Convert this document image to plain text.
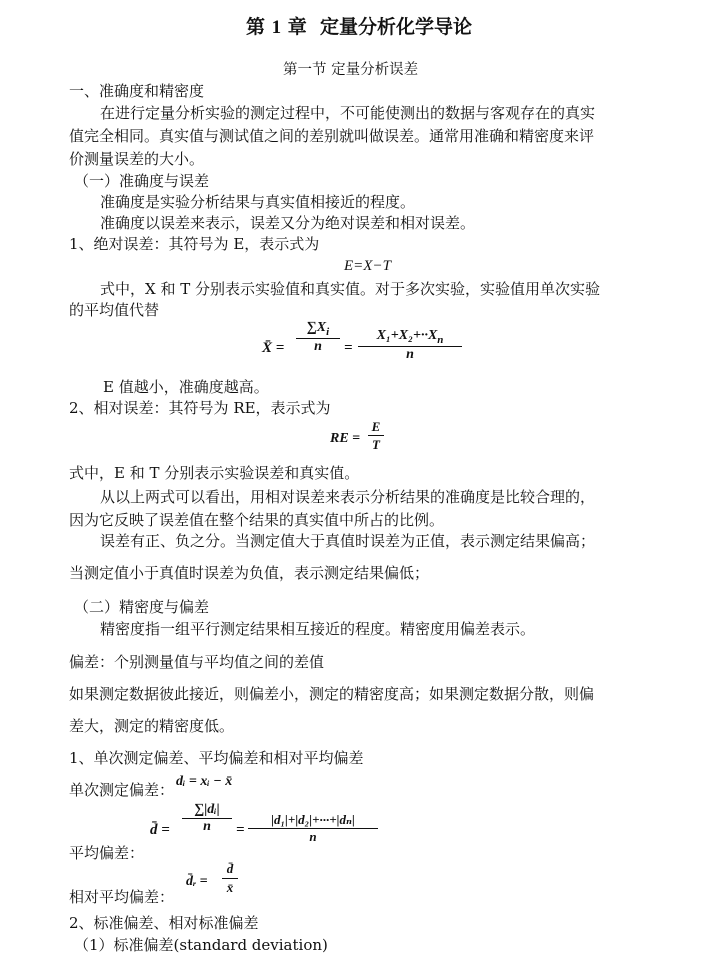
第 1 章 定量分析化学导论
第一节 定量分析误差
一、准确度和精密度
在进行定量分析实验的测定过程中，不可能使测出的数据与客观存在的真实
值完全相同。真实值与测试值之间的差别就叫做误差。通常用准确和精密度来评
价测量误差的大小。
（一）准确度与误差
准确度是实验分析结果与真实值相接近的程度。
准确度以误差来表示，误差又分为绝对误差和相对误差。
1、绝对误差：其符号为 E，表示式为
E=X−T
式中，X 和 T 分别表示实验值和真实值。对于多次实验，实验值用单次实验
的平均值代替
X̄ =
$\sum X_i$
n	=
$X_1+X_2+\cdot\cdot X_n$
n
E 值越小，准确度越高。
2、相对误差：其符号为 RE，表示式为
RE =
E
T
式中，E 和 T 分别表示实验误差和真实值。
从以上两式可以看出，用相对误差来表示分析结果的准确度是比较合理的，
因为它反映了误差值在整个结果的真实值中所占的比例。
误差有正、负之分。当测定值大于真值时误差为正值，表示测定结果偏高；
当测定值小于真值时误差为负值，表示测定结果偏低；
（二）精密度与偏差
精密度指一组平行测定结果相互接近的程度。精密度用偏差表示。
偏差：个别测量值与平均值之间的差值
如果测定数据彼此接近，则偏差小，测定的精密度高；如果测定数据分散，则偏
差大，测定的精密度低。
1、单次测定偏差、平均偏差和相对平均偏差
单次测定偏差： dᵢ = xᵢ − x̄
平均偏差：
d̄ =
∑|dᵢ|
n	=
|d₁|+|d₂|+···+|dₙ|
n
相对平均偏差：
d̄ᵣ =
d̄
x̄
2、标准偏差、相对标准偏差
（1）标准偏差(standard deviation)
